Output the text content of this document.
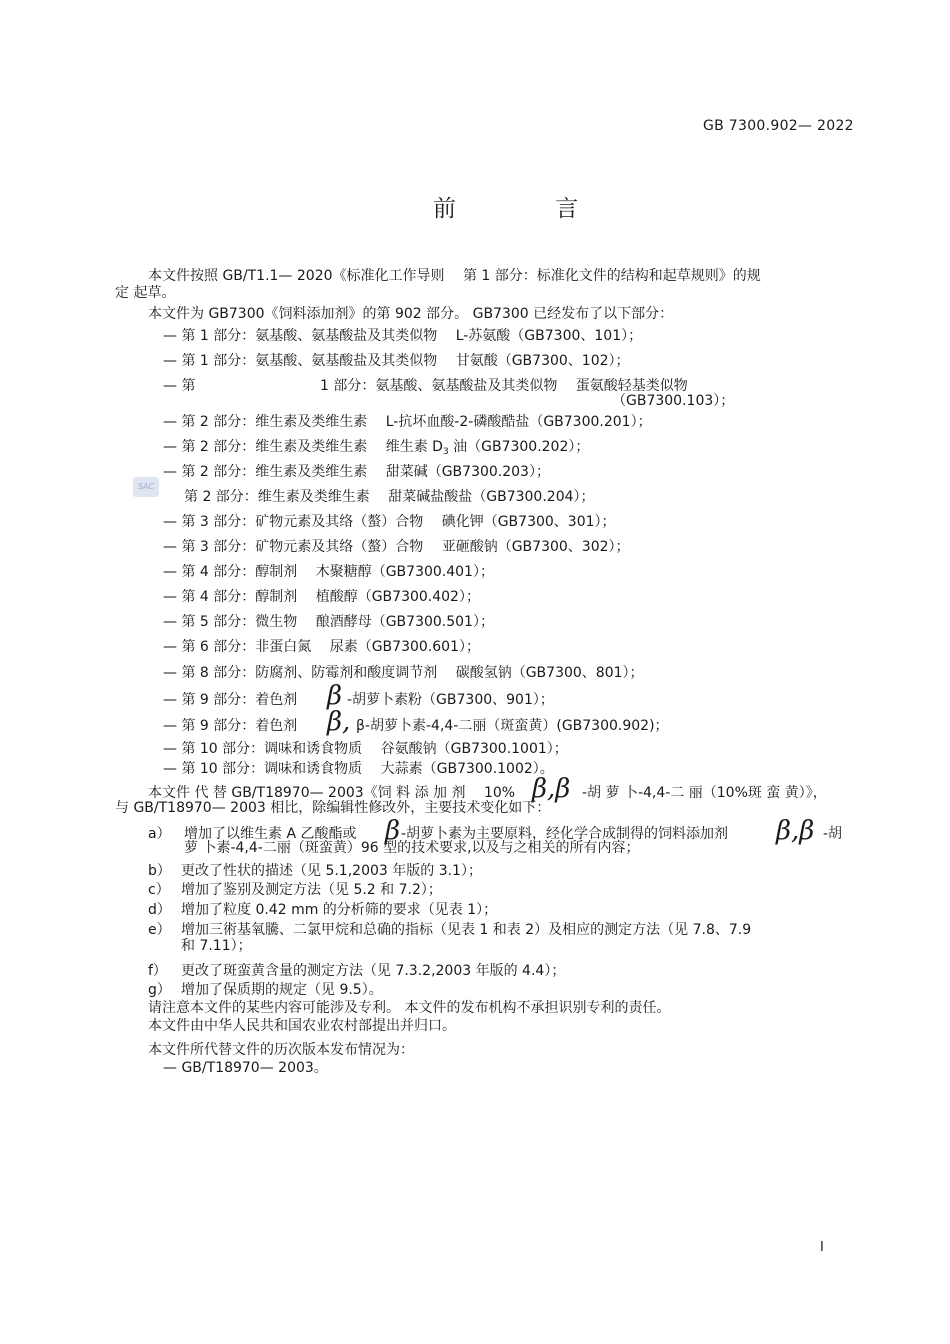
GB 7300.902— 2022
前 言
本文件按照 GB/T1.1— 2020《标准化工作导则　 第 1 部分：标准化文件的结构和起草规则》的规
定 起草。
本文件为 GB7300《饲料添加剂》的第 902 部分。 GB7300 已经发布了以下部分：
— 第 1 部分：氨基酸、氨基酸盐及其类似物　 L-苏氨酸（GB7300、101）；
— 第 1 部分：氨基酸、氨基酸盐及其类似物　 甘氨酸（GB7300、102）；
— 第	1 部分：氨基酸、氨基酸盐及其类似物　 蛋氨酸轻基类似物
（GB7300.103）；
— 第 2 部分：维生素及类维生素　 L-抗坏血酸-2-磷酸酷盐（GB7300.201）；
— 第 2 部分：维生素及类维生素　 维生素 $D_3$ 油（GB7300.202）；
— 第 2 部分：维生素及类维生素　 甜菜碱（GB7300.203）；
SAC
第 2 部分：维生素及类维生素　 甜菜碱盐酸盐（GB7300.204）；
— 第 3 部分：矿物元素及其络（螯）合物　 碘化钾（GB7300、301）；
— 第 3 部分：矿物元素及其络（螯）合物　 亚砸酸钠（GB7300、302）；
— 第 4 部分：醇制剂　 木聚糖醇（GB7300.401）；
— 第 4 部分：醇制剂　 植酸醇（GB7300.402）；
— 第 5 部分：微生物　 酿酒酵母（GB7300.501）；
— 第 6 部分：非蛋白氮　 尿素（GB7300.601）；
— 第 8 部分：防腐剂、防霉剂和酸度调节剂　 碳酸氢钠（GB7300、801）；
— 第 9 部分：着色剂 β -胡萝卜素粉（GB7300、901）；
— 第 9 部分：着色剂 β, β-胡萝卜素-4,4-二丽（斑蛮黄）(GB7300.902)；
— 第 10 部分：调味和诱食物质　 谷氨酸钠（GB7300.1001）；
— 第 10 部分：调味和诱食物质　 大蒜素（GB7300.1002）。
本文件 代 替 GB/T18970— 2003《饲 料 添 加 剂　 10% β,β -胡 萝 卜-4,4-二 丽（10%斑 蛮 黄）》，
与 GB/T18970— 2003 相比，除编辑性修改外，主要技术变化如下：
a） 增加了以维生素 A 乙酸酯或 β -胡萝卜素为主要原料，经化学合成制得的饲料添加剂 β,β -胡
萝 卜素-4,4-二丽（斑蛮黄）96 型的技术要求,以及与之相关的所有内容；
b） 更改了性状的描述（见 5.1,2003 年版的 3.1）；
c） 增加了鉴别及测定方法（见 5.2 和 7.2）；
d） 增加了粒度 0.42 mm 的分析筛的要求（见表 1）；
e） 增加三術基氧騰、二氯甲烷和总确的指标（见表 1 和表 2）及相应的测定方法（见 7.8、7.9
和 7.11）；
f） 更改了斑蛮黄含量的测定方法（见 7.3.2,2003 年版的 4.4）；
g） 增加了保质期的规定（见 9.5）。
请注意本文件的某些内容可能涉及专利。 本文件的发布机构不承担识别专利的责任。
本文件由中华人民共和国农业农村部提出并归口。
本文件所代替文件的历次版本发布情况为：
— GB/T18970— 2003。
I
